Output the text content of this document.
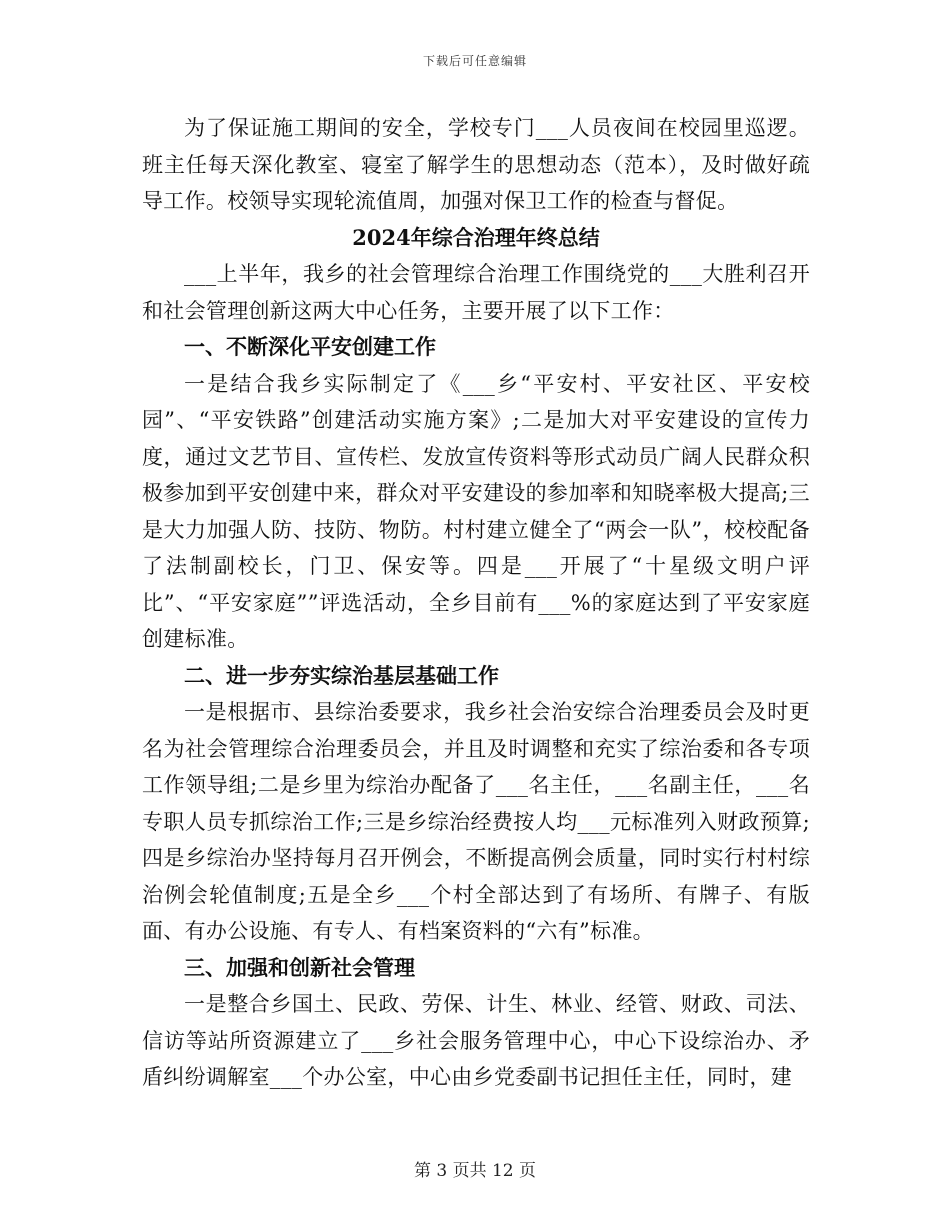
下载后可任意编辑

为了保证施工期间的安全，学校专门___人员夜间在校园里巡逻。班主任每天深化教室、寝室了解学生的思想动态（范本），及时做好疏导工作。校领导实现轮流值周，加强对保卫工作的检查与督促。

2024年综合治理年终总结

___上半年，我乡的社会管理综合治理工作围绕党的___大胜利召开和社会管理创新这两大中心任务，主要开展了以下工作：

一、不断深化平安创建工作

一是结合我乡实际制定了《___乡“平安村、平安社区、平安校园”、“平安铁路”创建活动实施方案》;二是加大对平安建设的宣传力度，通过文艺节目、宣传栏、发放宣传资料等形式动员广阔人民群众积极参加到平安创建中来，群众对平安建设的参加率和知晓率极大提高;三是大力加强人防、技防、物防。村村建立健全了“两会一队”，校校配备了法制副校长，门卫、保安等。四是___开展了“十星级文明户评比”、“平安家庭””评选活动，全乡目前有___%的家庭达到了平安家庭创建标准。

二、进一步夯实综治基层基础工作

一是根据市、县综治委要求，我乡社会治安综合治理委员会及时更名为社会管理综合治理委员会，并且及时调整和充实了综治委和各专项工作领导组;二是乡里为综治办配备了___名主任，___名副主任，___名专职人员专抓综治工作;三是乡综治经费按人均___元标准列入财政预算;四是乡综治办坚持每月召开例会，不断提高例会质量，同时实行村村综治例会轮值制度;五是全乡___个村全部达到了有场所、有牌子、有版面、有办公设施、有专人、有档案资料的“六有”标准。

三、加强和创新社会管理

一是整合乡国土、民政、劳保、计生、林业、经管、财政、司法、信访等站所资源建立了___乡社会服务管理中心，中心下设综治办、矛盾纠纷调解室___个办公室，中心由乡党委副书记担任主任，同时，建

第 3 页共 12 页
